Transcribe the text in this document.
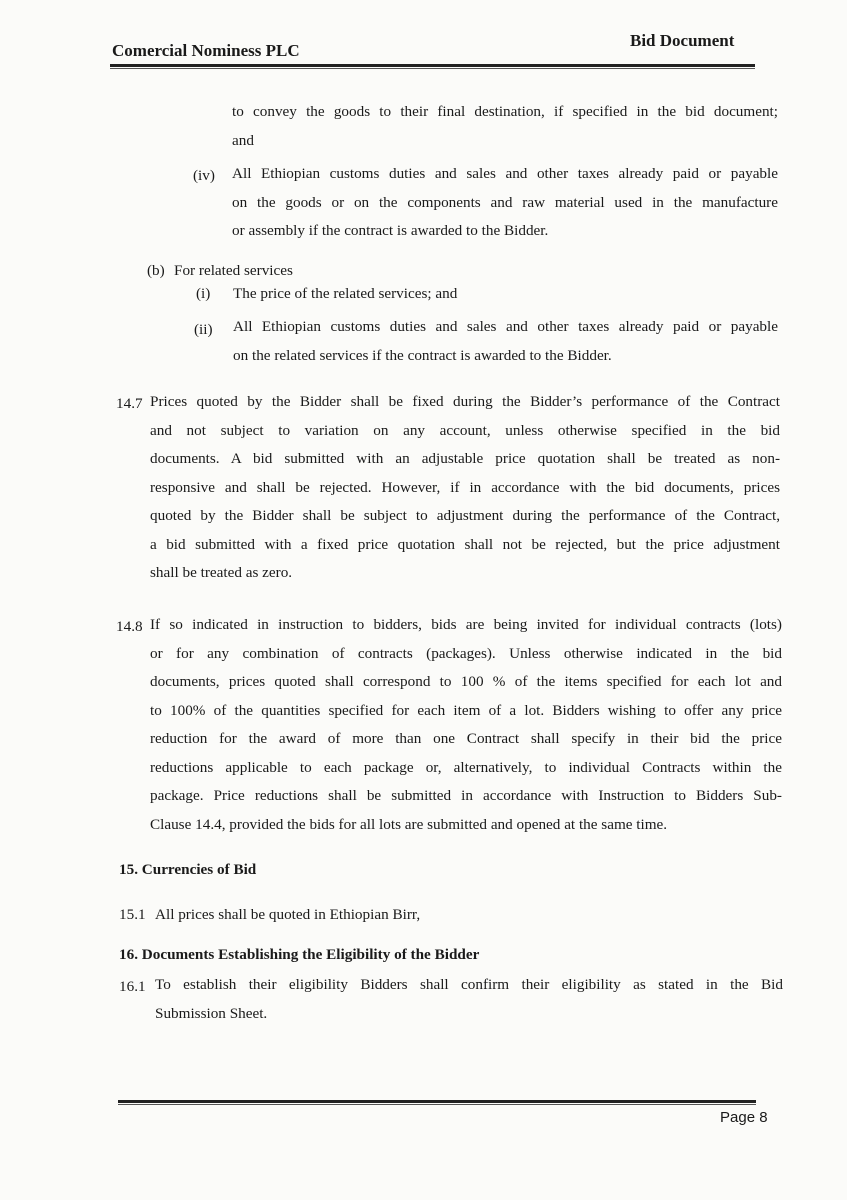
Comercial Nominess PLC
Bid Document
to convey the goods to their final destination, if specified in the bid document;
and
(iv) All Ethiopian customs duties and sales and other taxes already paid or payable
on the goods or on the components and raw material used in the manufacture
or assembly if the contract is awarded to the Bidder.
(b) For related services
(i) The price of the related services; and
(ii) All Ethiopian customs duties and sales and other taxes already paid or payable
on the related services if the contract is awarded to the Bidder.
14.7 Prices quoted by the Bidder shall be fixed during the Bidder’s performance of the Contract
and not subject to variation on any account, unless otherwise specified in the bid
documents. A bid submitted with an adjustable price quotation shall be treated as non-
responsive and shall be rejected. However, if in accordance with the bid documents, prices
quoted by the Bidder shall be subject to adjustment during the performance of the Contract,
a bid submitted with a fixed price quotation shall not be rejected, but the price adjustment
shall be treated as zero.
14.8 If so indicated in instruction to bidders, bids are being invited for individual contracts (lots)
or for any combination of contracts (packages). Unless otherwise indicated in the bid
documents, prices quoted shall correspond to 100 % of the items specified for each lot and
to 100% of the quantities specified for each item of a lot. Bidders wishing to offer any price
reduction for the award of more than one Contract shall specify in their bid the price
reductions applicable to each package or, alternatively, to individual Contracts within the
package. Price reductions shall be submitted in accordance with Instruction to Bidders Sub-
Clause 14.4, provided the bids for all lots are submitted and opened at the same time.
15. Currencies of Bid
15.1 All prices shall be quoted in Ethiopian Birr,
16. Documents Establishing the Eligibility of the Bidder
16.1 To establish their eligibility Bidders shall confirm their eligibility as stated in the Bid
Submission Sheet.
Page 8
